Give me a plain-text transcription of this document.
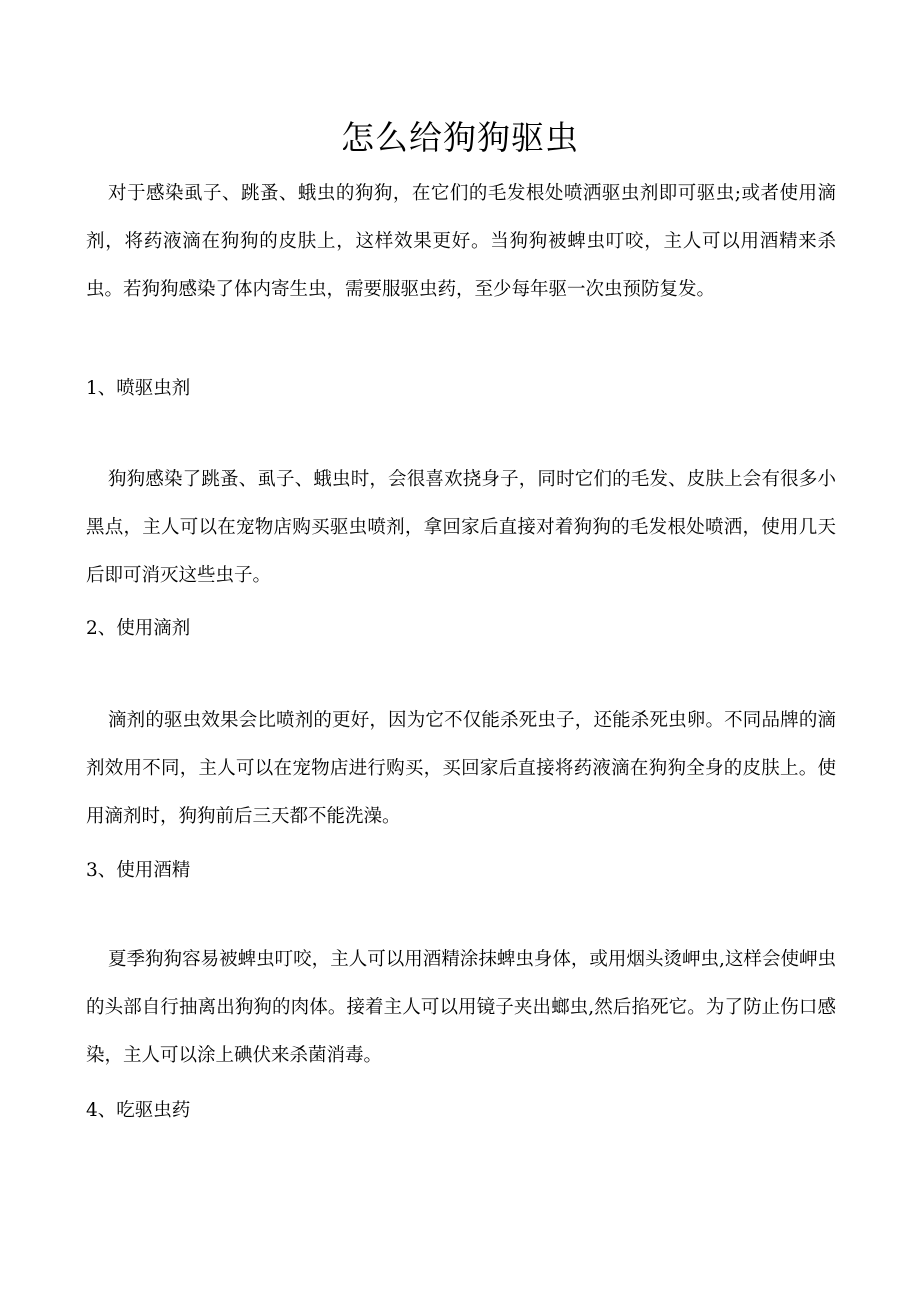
怎么给狗狗驱虫

对于感染虱子、跳蚤、蛾虫的狗狗，在它们的毛发根处喷洒驱虫剂即可驱虫;或者使用滴剂，将药液滴在狗狗的皮肤上，这样效果更好。当狗狗被蜱虫叮咬，主人可以用酒精来杀虫。若狗狗感染了体内寄生虫，需要服驱虫药，至少每年驱一次虫预防复发。

1、喷驱虫剂

狗狗感染了跳蚤、虱子、蛾虫时，会很喜欢挠身子，同时它们的毛发、皮肤上会有很多小黑点，主人可以在宠物店购买驱虫喷剂，拿回家后直接对着狗狗的毛发根处喷洒，使用几天后即可消灭这些虫子。

2、使用滴剂

滴剂的驱虫效果会比喷剂的更好，因为它不仅能杀死虫子，还能杀死虫卵。不同品牌的滴剂效用不同，主人可以在宠物店进行购买，买回家后直接将药液滴在狗狗全身的皮肤上。使用滴剂时，狗狗前后三天都不能洗澡。

3、使用酒精

夏季狗狗容易被蜱虫叮咬，主人可以用酒精涂抹蜱虫身体，或用烟头烫岬虫,这样会使岬虫的头部自行抽离出狗狗的肉体。接着主人可以用镜子夹出螂虫,然后掐死它。为了防止伤口感染，主人可以涂上碘伏来杀菌消毒。

4、吃驱虫药
